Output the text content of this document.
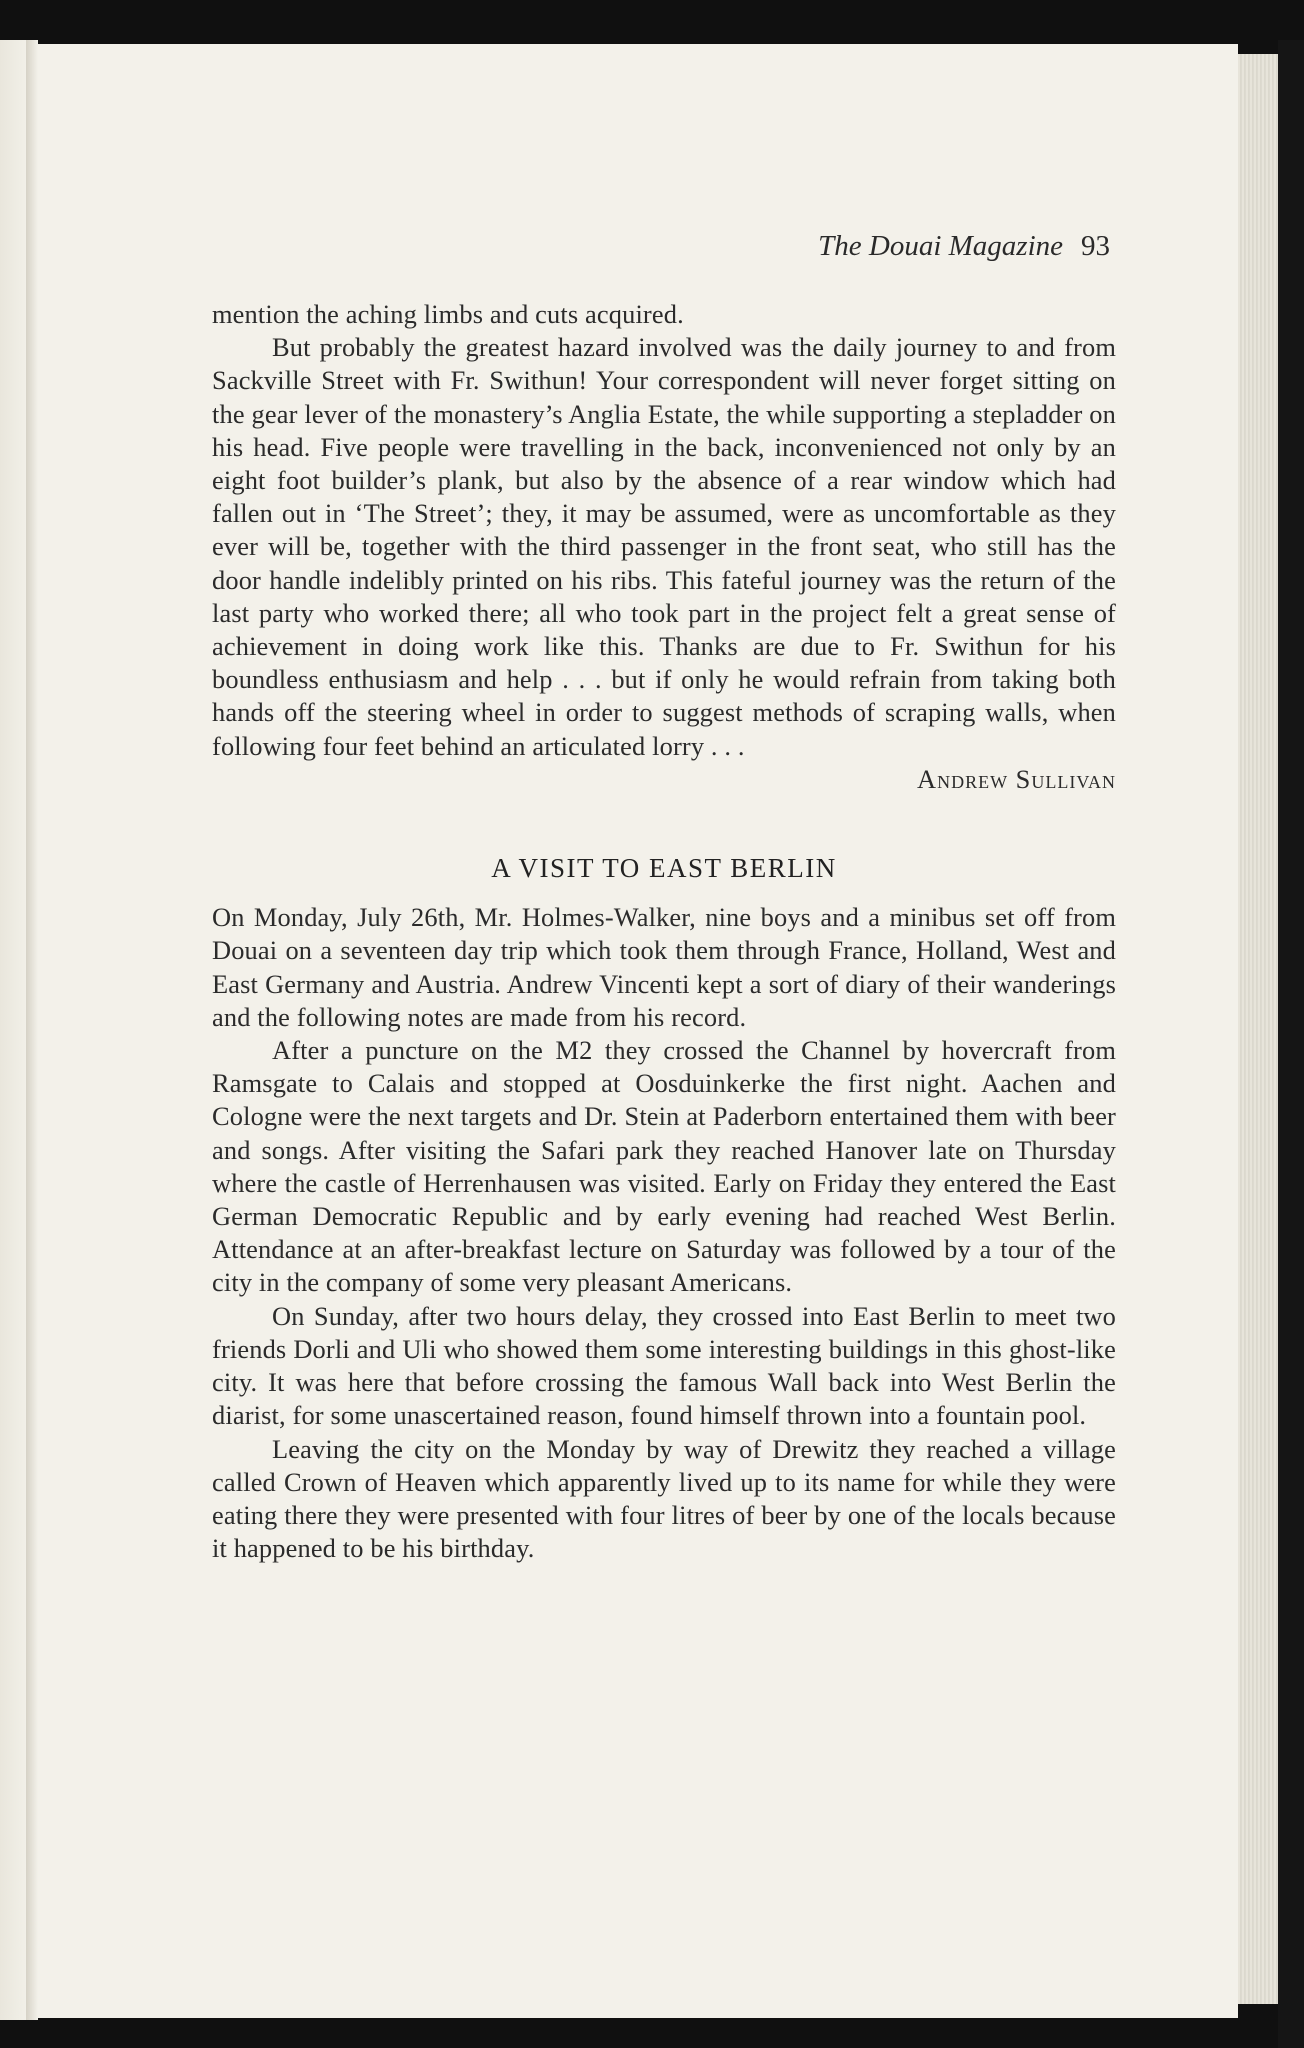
The Douai Magazine 93

mention the aching limbs and cuts acquired.

But probably the greatest hazard involved was the daily journey to and from Sackville Street with Fr. Swithun! Your correspondent will never forget sitting on the gear lever of the monastery’s Anglia Estate, the while supporting a stepladder on his head. Five people were travelling in the back, inconvenienced not only by an eight foot builder’s plank, but also by the absence of a rear window which had fallen out in ‘The Street’; they, it may be assumed, were as uncomfortable as they ever will be, together with the third passenger in the front seat, who still has the door handle indelibly printed on his ribs. This fateful journey was the return of the last party who worked there; all who took part in the project felt a great sense of achievement in doing work like this. Thanks are due to Fr. Swithun for his boundless enthusiasm and help . . . but if only he would refrain from taking both hands off the steering wheel in order to suggest methods of scraping walls, when following four feet behind an articulated lorry . . .

Andrew Sullivan

A VISIT TO EAST BERLIN

On Monday, July 26th, Mr. Holmes-Walker, nine boys and a minibus set off from Douai on a seventeen day trip which took them through France, Holland, West and East Germany and Austria. Andrew Vincenti kept a sort of diary of their wanderings and the following notes are made from his record.

After a puncture on the M2 they crossed the Channel by hovercraft from Ramsgate to Calais and stopped at Oosduinkerke the first night. Aachen and Cologne were the next targets and Dr. Stein at Paderborn entertained them with beer and songs. After visiting the Safari park they reached Hanover late on Thursday where the castle of Herrenhausen was visited. Early on Friday they entered the East German Democratic Republic and by early evening had reached West Berlin. Attendance at an after-breakfast lecture on Saturday was followed by a tour of the city in the company of some very pleasant Americans.

On Sunday, after two hours delay, they crossed into East Berlin to meet two friends Dorli and Uli who showed them some interesting buildings in this ghost-like city. It was here that before crossing the famous Wall back into West Berlin the diarist, for some unascertained reason, found himself thrown into a fountain pool.

Leaving the city on the Monday by way of Drewitz they reached a village called Crown of Heaven which apparently lived up to its name for while they were eating there they were presented with four litres of beer by one of the locals because it happened to be his birthday.
